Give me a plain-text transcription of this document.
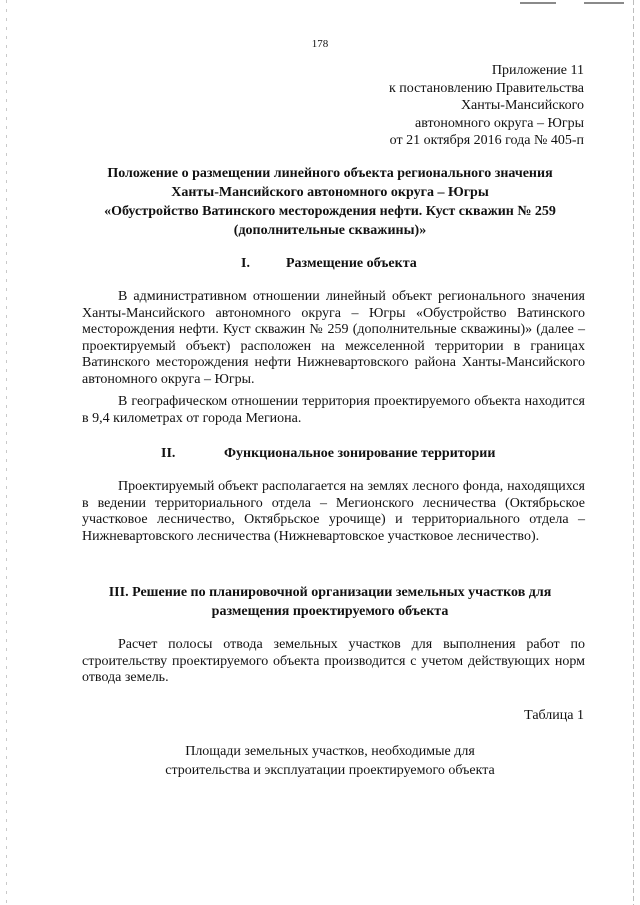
178
Приложение 11
к постановлению Правительства
Ханты-Мансийского
автономного округа – Югры
от 21 октября 2016 года № 405-п
Положение о размещении линейного объекта регионального значения
Ханты-Мансийского автономного округа – Югры
«Обустройство Ватинского месторождения нефти. Куст скважин № 259
(дополнительные скважины)»
I.	Размещение объекта
В административном отношении линейный объект регионального значения Ханты-Мансийского автономного округа – Югры «Обустройство Ватинского месторождения нефти. Куст скважин № 259 (дополнительные скважины)» (далее – проектируемый объект) расположен на межселенной территории в границах Ватинского месторождения нефти Нижневартовского района Ханты-Мансийского автономного округа – Югры.
В географическом отношении территория проектируемого объекта находится в 9,4 километрах от города Мегиона.
II.	Функциональное зонирование территории
Проектируемый объект располагается на землях лесного фонда, находящихся в ведении территориального отдела – Мегионского лесничества (Октябрьское участковое лесничество, Октябрьское урочище) и территориального отдела – Нижневартовского лесничества (Нижневартовское участковое лесничество).
III. Решение по планировочной организации земельных участков для
размещения проектируемого объекта
Расчет полосы отвода земельных участков для выполнения работ по строительству проектируемого объекта производится с учетом действующих норм отвода земель.
Таблица 1
Площади земельных участков, необходимые для
строительства и эксплуатации проектируемого объекта
